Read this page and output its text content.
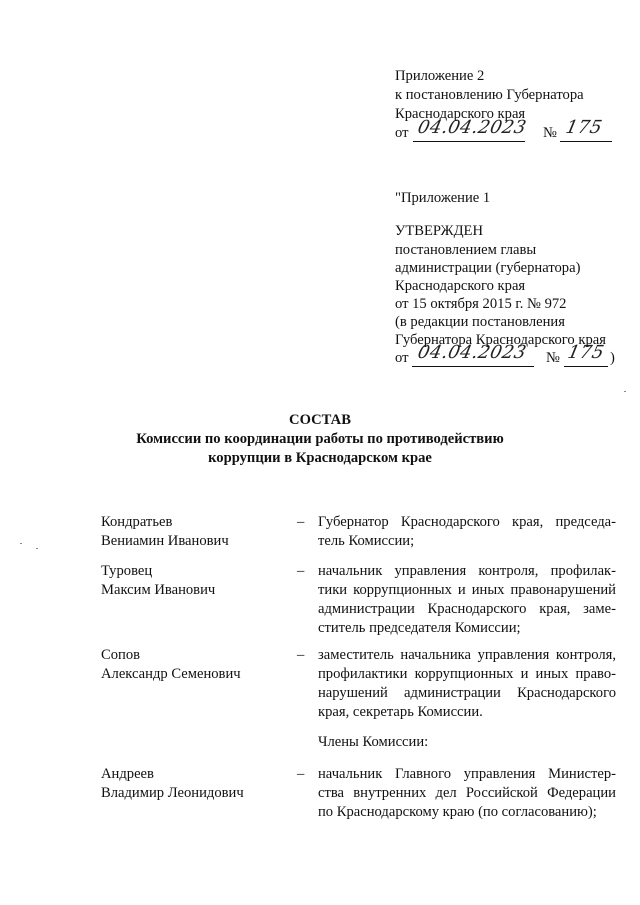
Приложение 2
к постановлению Губернатора
Краснодарского края
от 04.04.2023 № 175
"Приложение 1
УТВЕРЖДЕН
постановлением главы
администрации (губернатора)
Краснодарского края
от 15 октября 2015 г. № 972
(в редакции постановления
Губернатора Краснодарского края
от 04.04.2023 № 175 )
СОСТАВ
Комиссии по координации работы по противодействию
коррупции в Краснодарском крае
Кондратьев
Вениамин Иванович
– Губернатор Краснодарского края, председа-
тель Комиссии;
Туровец
Максим Иванович
– начальник управления контроля, профилак-
тики коррупционных и иных правонарушений
администрации Краснодарского края, заме-
ститель председателя Комиссии;
Сопов
Александр Семенович
– заместитель начальника управления контроля,
профилактики коррупционных и иных право-
нарушений администрации Краснодарского
края, секретарь Комиссии.
Члены Комиссии:
Андреев
Владимир Леонидович
– начальник Главного управления Министер-
ства внутренних дел Российской Федерации
по Краснодарскому краю (по согласованию);
